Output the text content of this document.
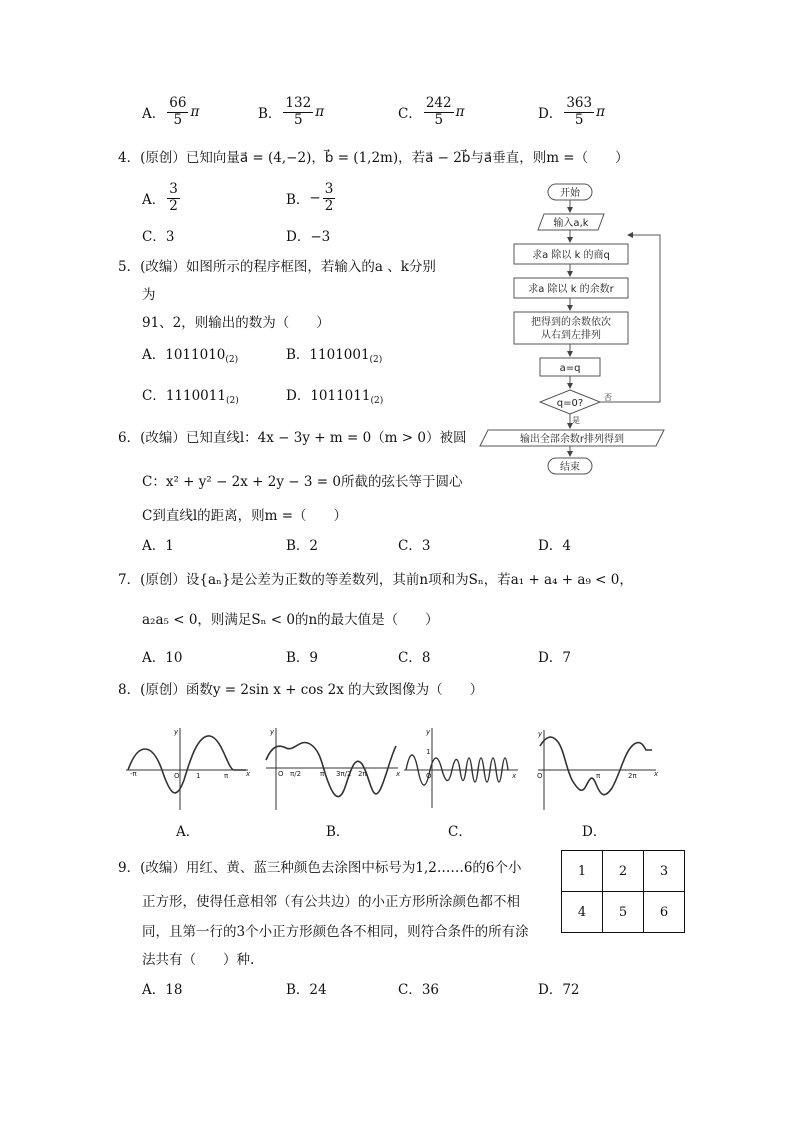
A． $\frac{66}{5}$ π	B． $\frac{132}{5}$ π	C． $\frac{242}{5}$ π	D． $\frac{363}{5}$ π
4．(原创）已知向量a⃗ = (4,−2)，b⃗ = (1,2m)，若a⃗ − 2b⃗与a⃗垂直，则m =（　　）
A． $\frac{3}{2}$	B．− $\frac{3}{2}$
C．3	D．−3
5．(改编）如图所示的程序框图，若输入的a 、k分别
为
91、2，则输出的数为（　　）
A．$1011010_{(2)}$	B．$1101001_{(2)}$
C．$1110011_{(2)}$	D．$1011011_{(2)}$
开始
输入a,k
求a 除以 k 的商q
求a 除以 k 的余数r
把得到的余数依次
从右到左排列
a=q
q=0?
否
是
输出全部余数r排列得到
结束
6．(改编）已知直线l：4x − 3y + m = 0（m > 0）被圆
C：x² + y² − 2x + 2y − 3 = 0所截的弦长等于圆心
C到直线l的距离，则m =（　　）
A．1	B．2	C．3	D．4
7．(原创）设{aₙ}是公差为正数的等差数列，其前n项和为Sₙ，若a₁ + a₄ + a₉ < 0，
a₂a₅ < 0，则满足Sₙ < 0的n的最大值是（　　）
A．10	B．9	C．8	D．7
8．(原创）函数y = 2sin x + cos 2x 的大致图像为（　　）
y
x
O
-π	1	π
y
x
O π/2	π 3π/2 2π
y
x
O
1
y
x
O	π	2π
A．	B．	C．	D．
9．(改编）用红、黄、蓝三种颜色去涂图中标号为1,2……6的6个小
正方形，使得任意相邻（有公共边）的小正方形所涂颜色都不相
同，且第一行的3个小正方形颜色各不相同，则符合条件的所有涂
法共有（　　）种.
1	2	3
4	5	6
A．18	B．24	C．36	D．72
